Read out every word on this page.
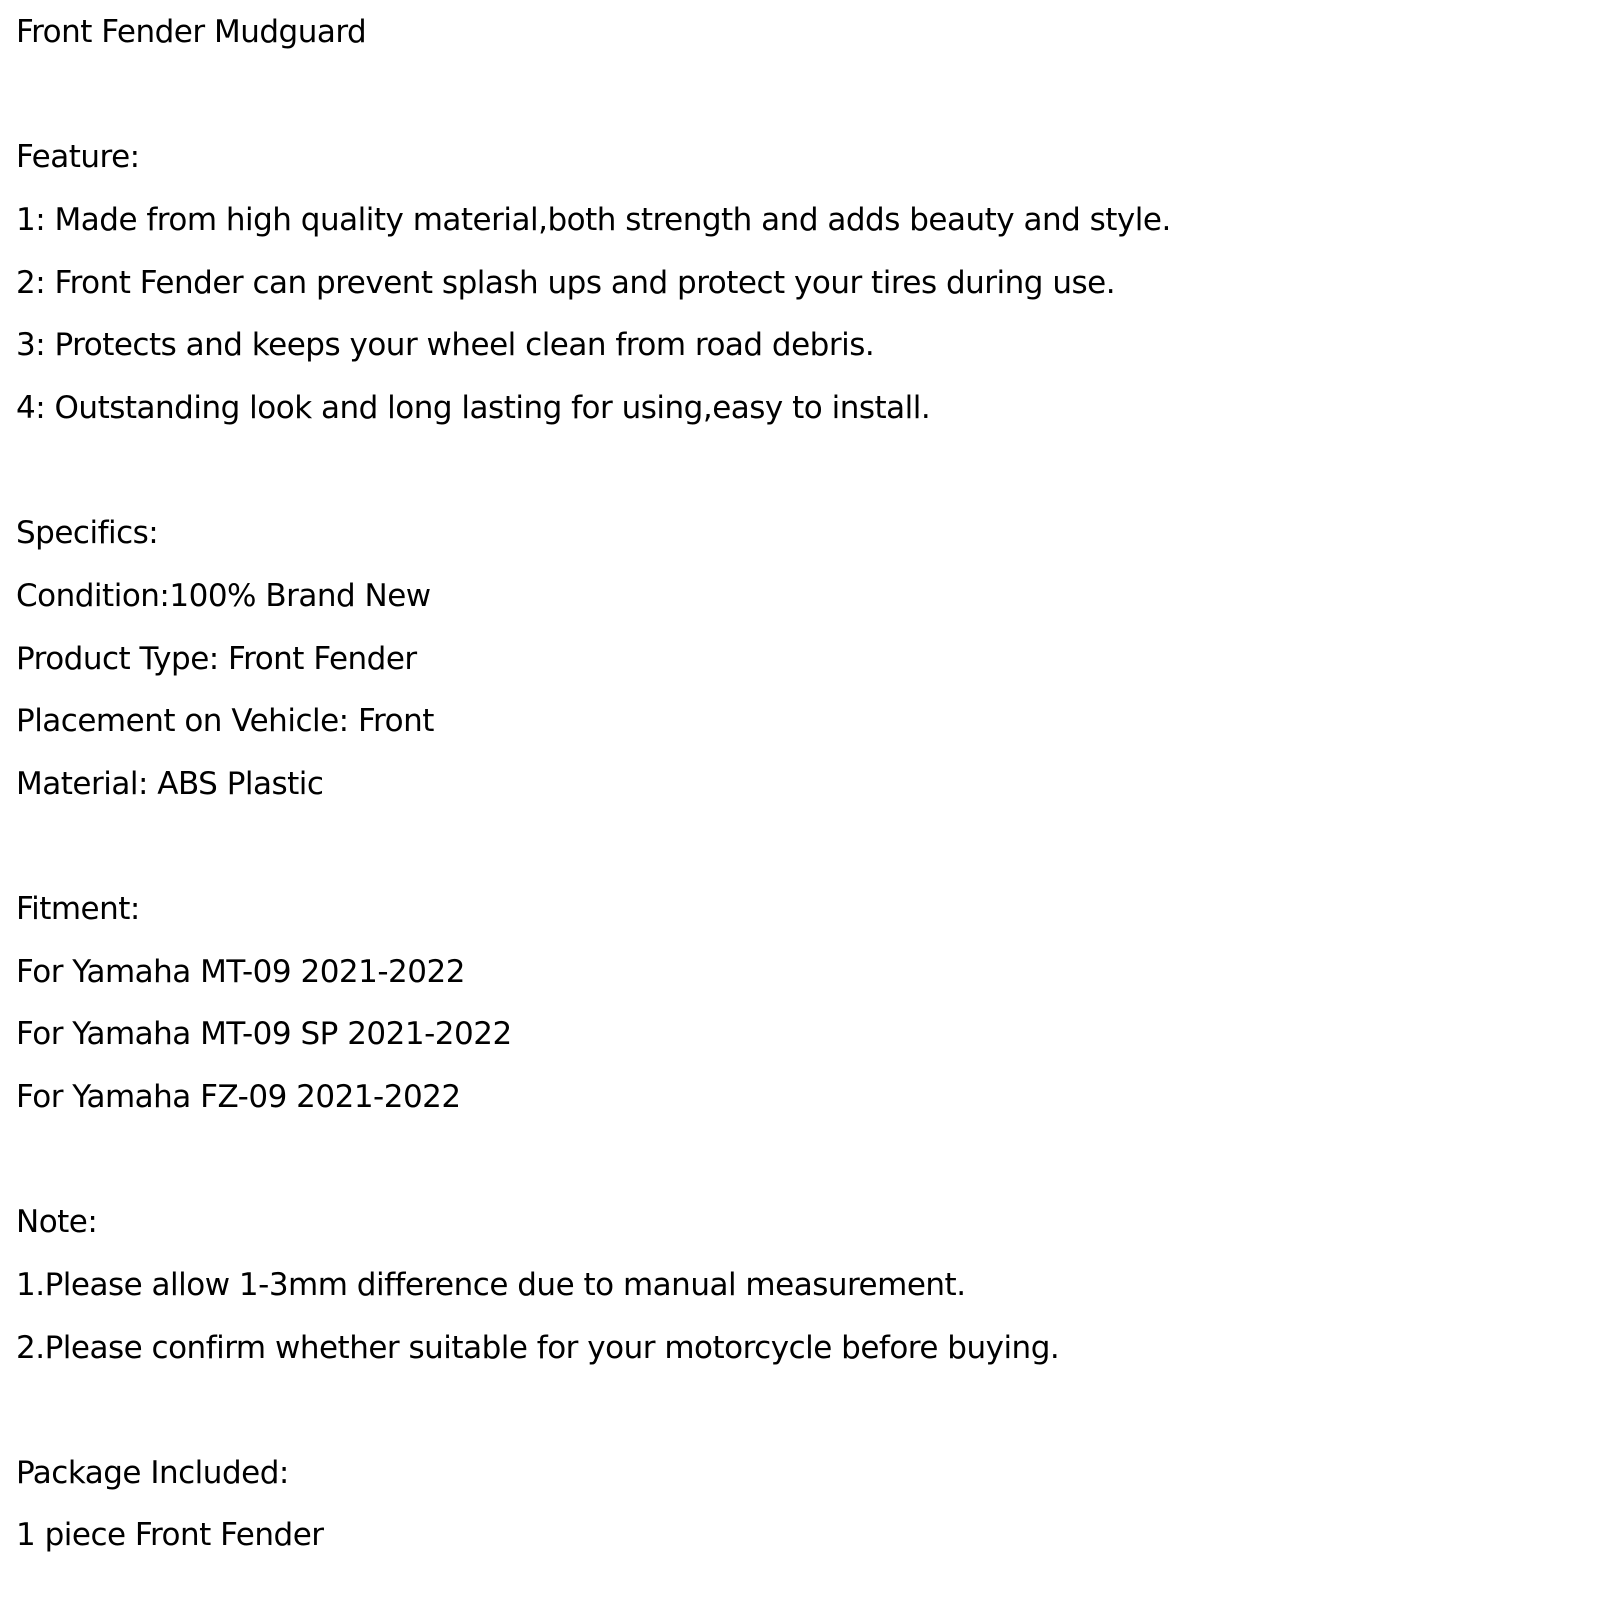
Front Fender Mudguard
Feature:
1: Made from high quality material,both strength and adds beauty and style.
2: Front Fender can prevent splash ups and protect your tires during use.
3: Protects and keeps your wheel clean from road debris.
4: Outstanding look and long lasting for using,easy to install.
Specifics:
Condition:100% Brand New
Product Type: Front Fender
Placement on Vehicle: Front
Material: ABS Plastic
Fitment:
For Yamaha MT-09 2021-2022
For Yamaha MT-09 SP 2021-2022
For Yamaha FZ-09 2021-2022
Note:
1.Please allow 1-3mm difference due to manual measurement.
2.Please confirm whether suitable for your motorcycle before buying.
Package Included:
1 piece Front Fender
